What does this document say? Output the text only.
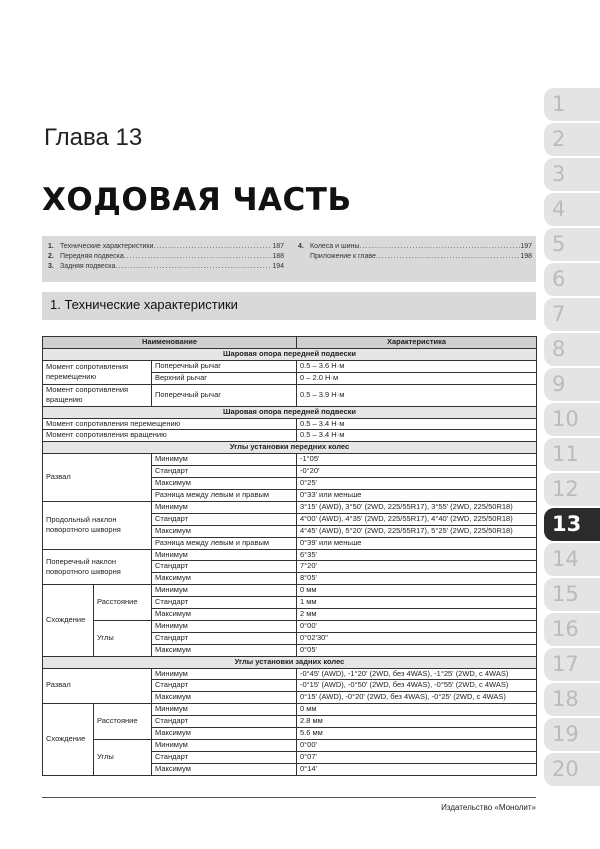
Глава 13
ХОДОВАЯ ЧАСТЬ
1. Технические характеристики .....	187
2. Передняя подвеска .....	188
3. Задняя подвеска .....	194
4. Колеса и шины .....	197
Приложение к главе .....	198
1. Технические характеристики
Наименование			Характеристика
Шаровая опора передней подвески			
Момент сопротивления перемещению		Поперечный рычаг	0.5 – 3.6 Н·м
		Верхний рычаг	0 – 2.0 Н·м
Момент сопротивления вращению		Поперечный рычаг	0.5 – 3.9 Н·м
Шаровая опора передней подвески			
Момент сопротивления перемещению			0.5 – 3.4 Н·м
Момент сопротивления вращению			0.5 – 3.4 Н·м
Углы установки передних колес			
Развал		Минимум	-1°05'
		Стандарт	-0°20'
		Максимум	0°25'
		Разница между левым и правым	0°33' или меньше
Продольный наклон поворотного шкворня		Минимум	3°15' (AWD), 3°50' (2WD, 225/55R17), 3°55' (2WD, 225/50R18)
		Стандарт	4°00' (AWD), 4°35' (2WD, 225/55R17), 4°40' (2WD, 225/50R18)
		Максимум	4°45' (AWD), 5°20' (2WD, 225/55R17), 5°25' (2WD, 225/50R18)
		Разница между левым и правым	0°39' или меньше
Поперечный наклон поворотного шкворня		Минимум	6°35'
		Стандарт	7°20'
		Максимум	8°05'
Схождение	Расстояние	Минимум	0 мм
		Стандарт	1 мм
		Максимум	2 мм
	Углы	Минимум	0°00'
		Стандарт	0°02'30"
		Максимум	0°05'
Углы установки задних колес			
Развал		Минимум	-0°45' (AWD), -1°20' (2WD, без 4WAS), -1°25' (2WD, с 4WAS)
		Стандарт	-0°15' (AWD), -0°50' (2WD, без 4WAS), -0°55' (2WD, с 4WAS)
		Максимум	0°15' (AWD), -0°20' (2WD, без 4WAS), -0°25' (2WD, с 4WAS)
Схождение	Расстояние	Минимум	0 мм
		Стандарт	2.8 мм
		Максимум	5.6 мм
	Углы	Минимум	0°00'
		Стандарт	0°07'
		Максимум	0°14'
1
2
3
4
5
6
7
8
9
10
11
12
13
14
15
16
17
18
19
20
Издательство «Монолит»
